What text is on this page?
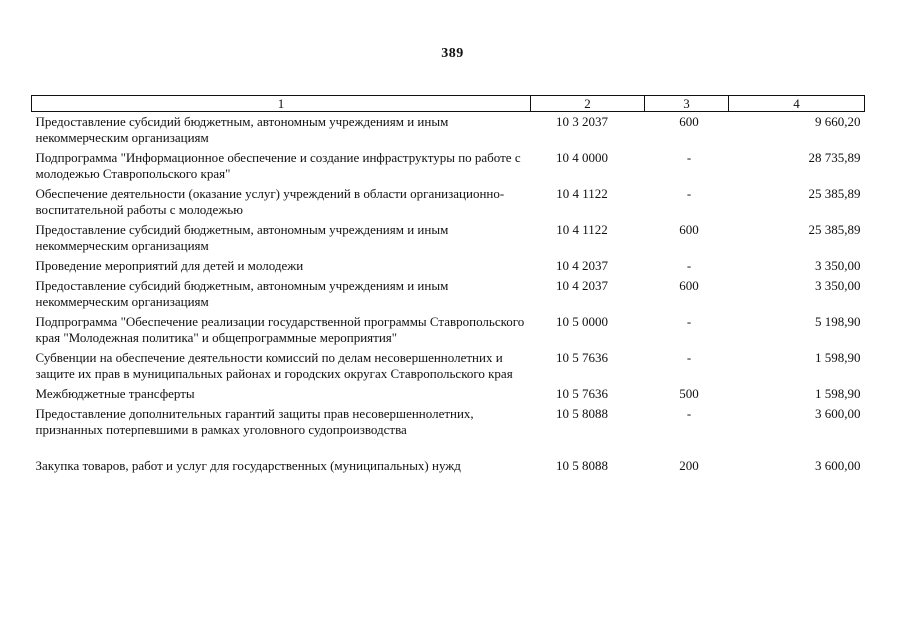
389
1	2	3	4
Предоставление субсидий бюджетным, автономным учреждениям и иным некоммерческим организациям	10 3 2037	600	9 660,20
Подпрограмма "Информационное обеспечение и создание инфраструктуры по работе с молодежью Ставропольского края"	10 4 0000	-	28 735,89
Обеспечение деятельности (оказание услуг) учреждений в области организационно-воспитательной работы с молодежью	10 4 1122	-	25 385,89
Предоставление субсидий бюджетным, автономным учреждениям и иным некоммерческим организациям	10 4 1122	600	25 385,89
Проведение мероприятий для детей и молодежи	10 4 2037	-	3 350,00
Предоставление субсидий бюджетным, автономным учреждениям и иным некоммерческим организациям	10 4 2037	600	3 350,00
Подпрограмма "Обеспечение реализации государственной программы Ставропольского края "Молодежная политика" и общепрограммные мероприятия"	10 5 0000	-	5 198,90
Субвенции на обеспечение деятельности комиссий по делам несовершеннолетних и защите их прав в муниципальных районах и городских округах Ставропольского края	10 5 7636	-	1 598,90
Межбюджетные трансферты	10 5 7636	500	1 598,90
Предоставление дополнительных гарантий защиты прав несовершеннолетних, признанных потерпевшими в рамках уголовного судопроизводства	10 5 8088	-	3 600,00

Закупка товаров, работ и услуг для государственных (муниципальных) нужд	10 5 8088	200	3 600,00
